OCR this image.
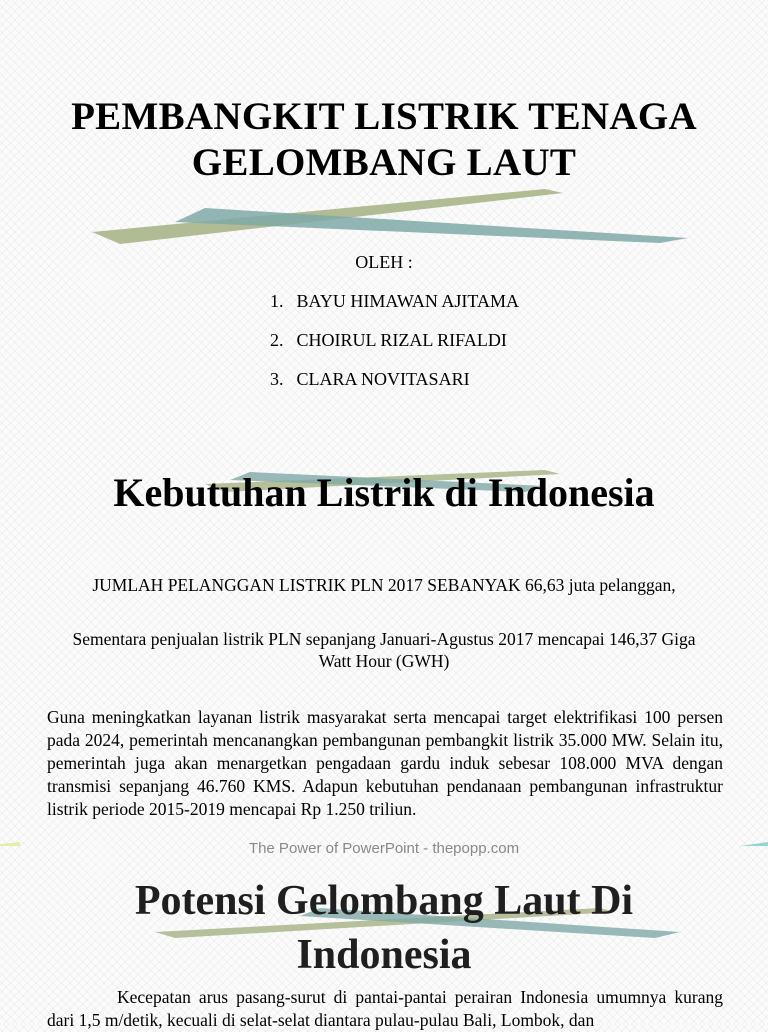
PEMBANGKIT LISTRIK TENAGA
GELOMBANG LAUT
OLEH :
1. BAYU HIMAWAN AJITAMA
2. CHOIRUL RIZAL RIFALDI
3. CLARA NOVITASARI
Kebutuhan Listrik di Indonesia
JUMLAH PELANGGAN LISTRIK PLN 2017 SEBANYAK 66,63 juta pelanggan,
Sementara penjualan listrik PLN sepanjang Januari-Agustus 2017 mencapai 146,37 Giga Watt Hour (GWH)
Guna meningkatkan layanan listrik masyarakat serta mencapai target elektrifikasi 100 persen pada 2024, pemerintah mencanangkan pembangunan pembangkit listrik 35.000 MW. Selain itu, pemerintah juga akan menargetkan pengadaan gardu induk sebesar 108.000 MVA dengan transmisi sepanjang 46.760 KMS. Adapun kebutuhan pendanaan pembangunan infrastruktur listrik periode 2015-2019 mencapai Rp 1.250 triliun.
The Power of PowerPoint - thepopp.com
Potensi Gelombang Laut Di
Indonesia
Kecepatan arus pasang-surut di pantai-pantai perairan Indonesia umumnya kurang dari 1,5 m/detik, kecuali di selat-selat diantara pulau-pulau Bali, Lombok, dan
